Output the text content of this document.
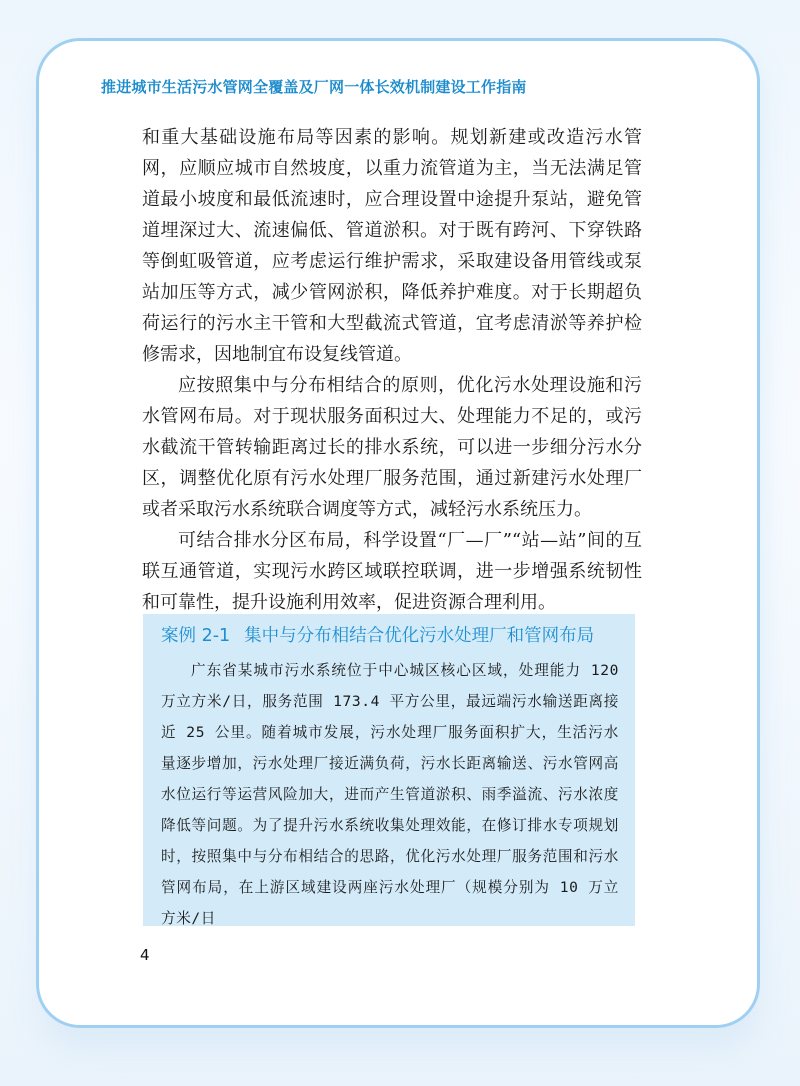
推进城市生活污水管网全覆盖及厂网一体长效机制建设工作指南

和重大基础设施布局等因素的影响。规划新建或改造污水管网，应顺应城市自然坡度，以重力流管道为主，当无法满足管道最小坡度和最低流速时，应合理设置中途提升泵站，避免管道埋深过大、流速偏低、管道淤积。对于既有跨河、下穿铁路等倒虹吸管道，应考虑运行维护需求，采取建设备用管线或泵站加压等方式，减少管网淤积，降低养护难度。对于长期超负荷运行的污水主干管和大型截流式管道，宜考虑清淤等养护检修需求，因地制宜布设复线管道。

应按照集中与分布相结合的原则，优化污水处理设施和污水管网布局。对于现状服务面积过大、处理能力不足的，或污水截流干管转输距离过长的排水系统，可以进一步细分污水分区，调整优化原有污水处理厂服务范围，通过新建污水处理厂或者采取污水系统联合调度等方式，减轻污水系统压力。

可结合排水分区布局，科学设置“厂—厂”“站—站”间的互联互通管道，实现污水跨区域联控联调，进一步增强系统韧性和可靠性，提升设施利用效率，促进资源合理利用。

案例 2-1 集中与分布相结合优化污水处理厂和管网布局
广东省某城市污水系统位于中心城区核心区域，处理能力 120 万立方米/日，服务范围 173.4 平方公里，最远端污水输送距离接近 25 公里。随着城市发展，污水处理厂服务面积扩大，生活污水量逐步增加，污水处理厂接近满负荷，污水长距离输送、污水管网高水位运行等运营风险加大，进而产生管道淤积、雨季溢流、污水浓度降低等问题。为了提升污水系统收集处理效能，在修订排水专项规划时，按照集中与分布相结合的思路，优化污水处理厂服务范围和污水管网布局，在上游区域建设两座污水处理厂（规模分别为 10 万立方米/日
4
